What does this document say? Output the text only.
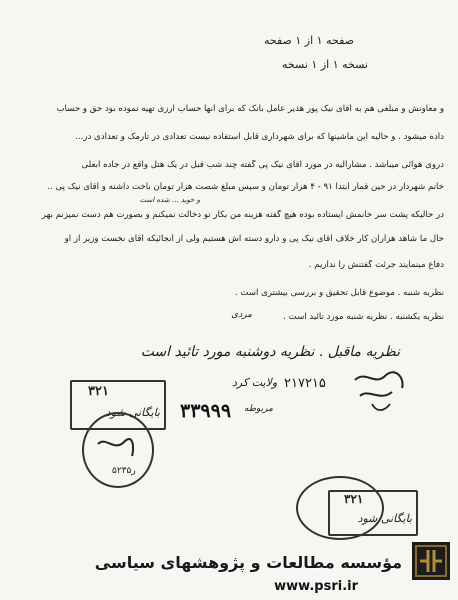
صفحه ۱ از ۱ صفحه
نسخه ۱ از ۱ نسخه
و خوید ... شده است
و معاونش و مبلغی هم به آقای نیک پور هدیر عامل بانک که برای آنها حساب ارزی تهیه نموده بود حق و حساب
داده میشود . و حالیه این ماشینها که برای شهرداری قابل استفاده نیست تعدادی در تارمک و تعدادی در...
دروی هوائی میباشد . مشارالیه در مورد آقای نیک پی گفته چند شب قبل در یک هتل واقع در جاده آبعلی
خانم شهردار در حین قمار ابتدا ۹۱ - ۴ هزار تومان و سپس مبلغ شصت هزار تومان باخت داشته و آقای نیک پی ..
در حالیکه پشت سر خانمش ایستاده بوده هیچ گفته هزینه من بکار تو دخالت نمیکنم و بصورت هم دست نمیزنم بهر
حال ما شاهد هزاران کار خلاف آقای نیک پی و دارو دسته اش هستیم ولی از آنجائیکه آقای نخست وزیر از او
دفاع مینمایند جرئت گفتنش را نداریم .
نظریه شنبه . موضوع قابل تحقیق و بررسی بیشتری است .
نظریه یکشنبه . نظریه شنبه مورد تائید است .
مردی
نظریه ماقبل . نظریه دوشنبه مورد تائید است
۲۱۷۲۱۵
ولایت کرد
۳۲۱
بایگانی شود
۵۲۳ر۵
۳۳۹۹۹ مربوطه
۳۲۱
بایگانی شود
مؤسسه مطالعات و پژوهشهای سیاسی
www.psri.ir
